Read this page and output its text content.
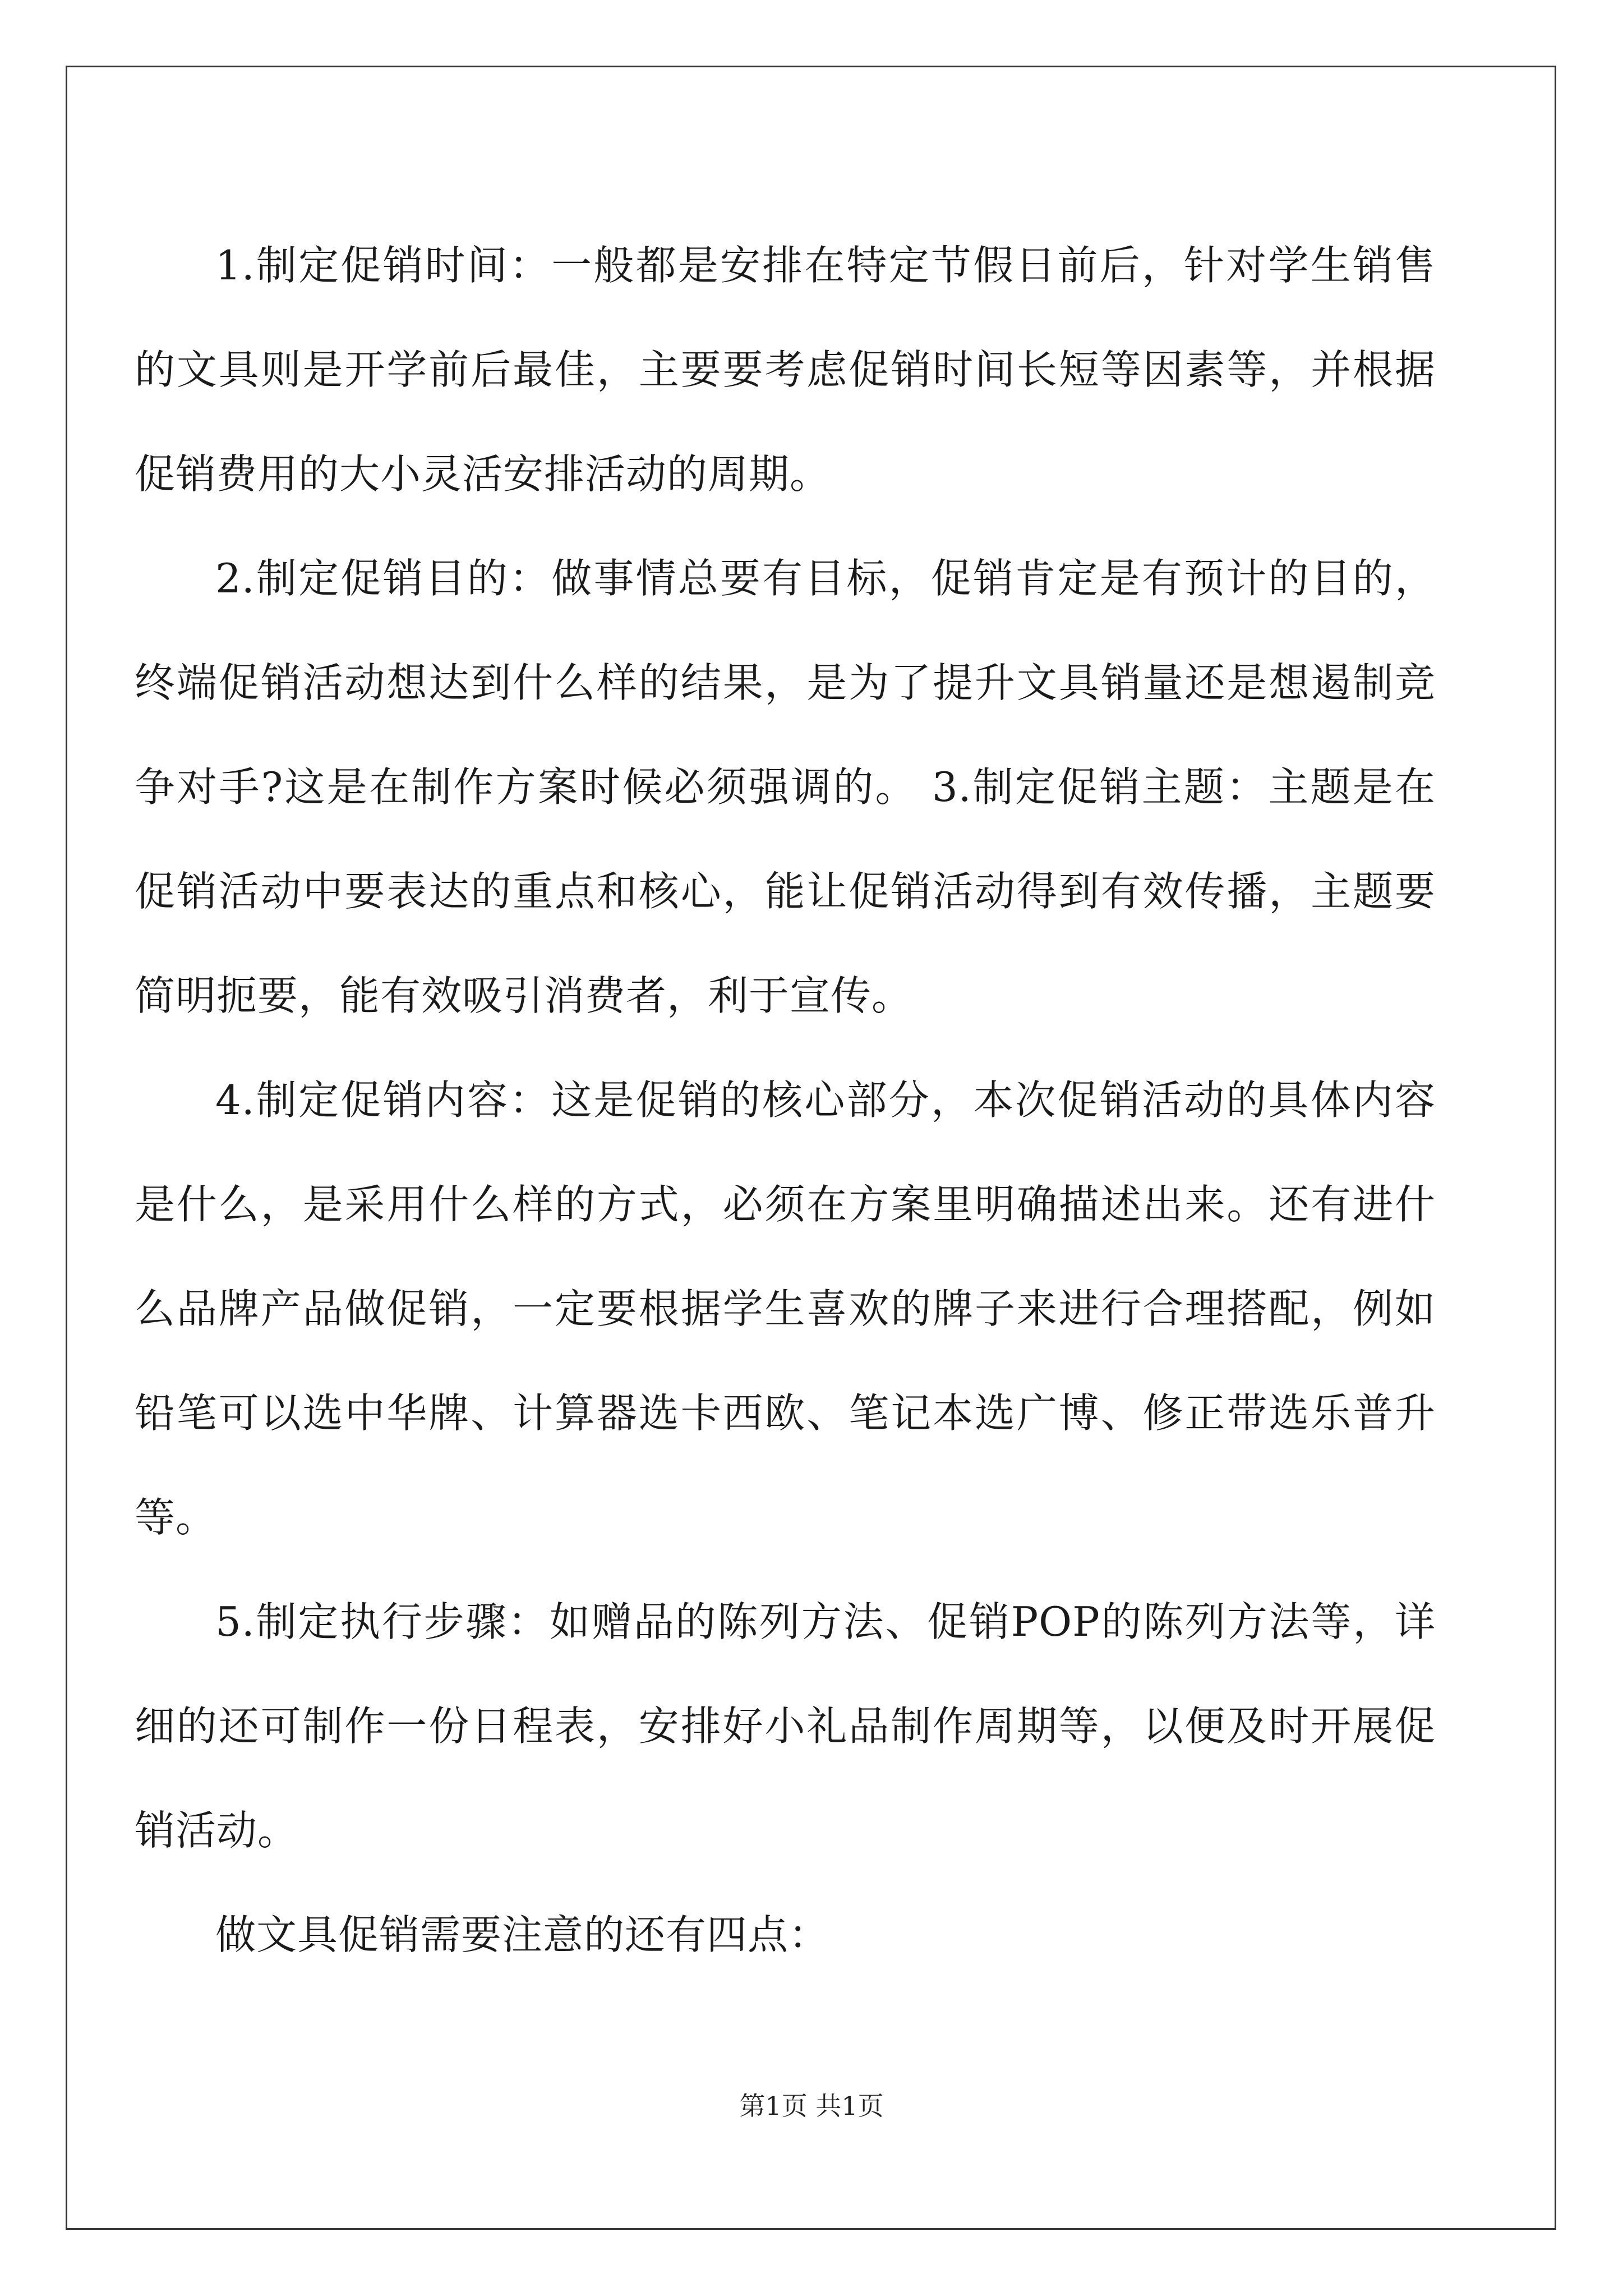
1.制定促销时间：一般都是安排在特定节假日前后，针对学生销售的文具则是开学前后最佳，主要要考虑促销时间长短等因素等，并根据促销费用的大小灵活安排活动的周期。

2.制定促销目的：做事情总要有目标，促销肯定是有预计的目的，终端促销活动想达到什么样的结果，是为了提升文具销量还是想遏制竞争对手?这是在制作方案时候必须强调的。 3.制定促销主题：主题是在促销活动中要表达的重点和核心，能让促销活动得到有效传播，主题要简明扼要，能有效吸引消费者，利于宣传。

4.制定促销内容：这是促销的核心部分，本次促销活动的具体内容是什么，是采用什么样的方式，必须在方案里明确描述出来。还有进什么品牌产品做促销，一定要根据学生喜欢的牌子来进行合理搭配，例如铅笔可以选中华牌、计算器选卡西欧、笔记本选广博、修正带选乐普升等。

5.制定执行步骤：如赠品的陈列方法、促销POP的陈列方法等，详细的还可制作一份日程表，安排好小礼品制作周期等，以便及时开展促销活动。

做文具促销需要注意的还有四点：

第1页 共1页
